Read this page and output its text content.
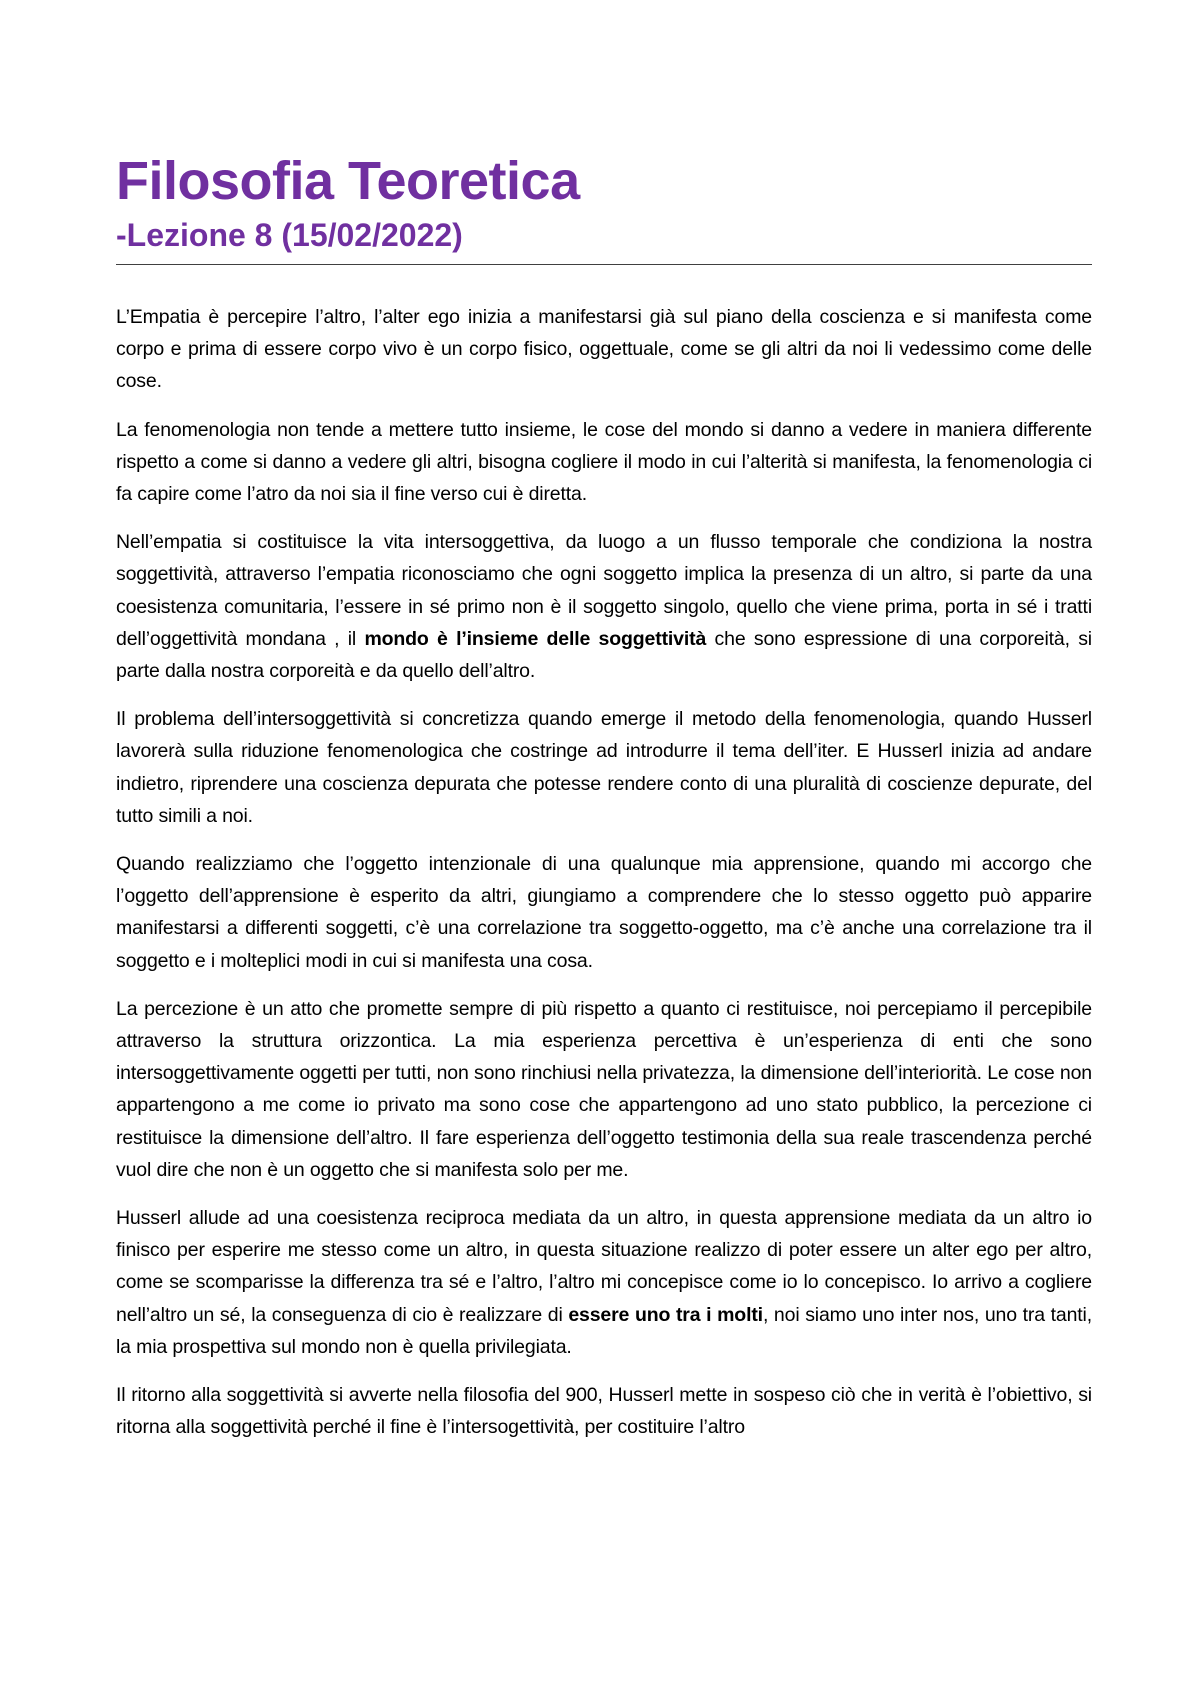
Filosofia Teoretica
-Lezione 8 (15/02/2022)

L’Empatia è percepire l’altro, l’alter ego inizia a manifestarsi già sul piano della coscienza e si manifesta come corpo e prima di essere corpo vivo è un corpo fisico, oggettuale, come se gli altri da noi li vedessimo come delle cose.

La fenomenologia non tende a mettere tutto insieme, le cose del mondo si danno a vedere in maniera differente rispetto a come si danno a vedere gli altri, bisogna cogliere il modo in cui l’alterità si manifesta, la fenomenologia ci fa capire come l’atro da noi sia il fine verso cui è diretta.

Nell’empatia si costituisce la vita intersoggettiva, da luogo a un flusso temporale che condiziona la nostra soggettività, attraverso l’empatia riconosciamo che ogni soggetto implica la presenza di un altro, si parte da una coesistenza comunitaria, l’essere in sé primo non è il soggetto singolo, quello che viene prima, porta in sé i tratti dell’oggettività mondana , il mondo è l’insieme delle soggettività che sono espressione di una corporeità, si parte dalla nostra corporeità e da quello dell’altro.

Il problema dell’intersoggettività si concretizza quando emerge il metodo della fenomenologia, quando Husserl lavorerà sulla riduzione fenomenologica che costringe ad introdurre il tema dell’iter. E Husserl inizia ad andare indietro, riprendere una coscienza depurata che potesse rendere conto di una pluralità di coscienze depurate, del tutto simili a noi.

Quando realizziamo che l’oggetto intenzionale di una qualunque mia apprensione, quando mi accorgo che l’oggetto dell’apprensione è esperito da altri, giungiamo a comprendere che lo stesso oggetto può apparire manifestarsi a differenti soggetti, c’è una correlazione tra soggetto-oggetto, ma c’è anche una correlazione tra il soggetto e i molteplici modi in cui si manifesta una cosa.

La percezione è un atto che promette sempre di più rispetto a quanto ci restituisce, noi percepiamo il percepibile attraverso la struttura orizzontica. La mia esperienza percettiva è un’esperienza di enti che sono intersoggettivamente oggetti per tutti, non sono rinchiusi nella privatezza, la dimensione dell’interiorità. Le cose non appartengono a me come io privato ma sono cose che appartengono ad uno stato pubblico, la percezione ci restituisce la dimensione dell’altro. Il fare esperienza dell’oggetto testimonia della sua reale trascendenza perché vuol dire che non è un oggetto che si manifesta solo per me.

Husserl allude ad una coesistenza reciproca mediata da un altro, in questa apprensione mediata da un altro io finisco per esperire me stesso come un altro, in questa situazione realizzo di poter essere un alter ego per altro, come se scomparisse la differenza tra sé e l’altro, l’altro mi concepisce come io lo concepisco. Io arrivo a cogliere nell’altro un sé, la conseguenza di cio è realizzare di essere uno tra i molti, noi siamo uno inter nos, uno tra tanti, la mia prospettiva sul mondo non è quella privilegiata.

Il ritorno alla soggettività si avverte nella filosofia del 900, Husserl mette in sospeso ciò che in verità è l’obiettivo, si ritorna alla soggettività perché il fine è l’intersogettività, per costituire l’altro
